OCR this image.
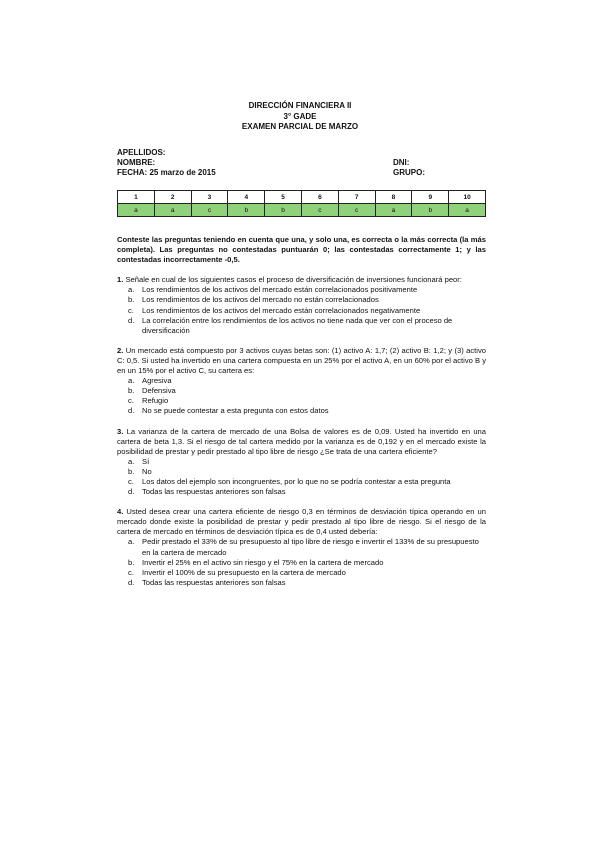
DIRECCIÓN FINANCIERA II
3° GADE
EXAMEN PARCIAL DE MARZO
APELLIDOS:
NOMBRE:	DNI:
FECHA: 25 marzo de 2015	GRUPO:
1	2	3	4	5	6	7	8	9	10
a	a	c	b	b	c	c	a	b	a

Conteste las preguntas teniendo en cuenta que una, y solo una, es correcta o la más correcta (la más completa). Las preguntas no contestadas puntuarán 0; las contestadas correctamente 1; y las contestadas incorrectamente -0,5.

1. Señale en cual de los siguientes casos el proceso de diversificación de inversiones funcionará peor:

a. Los rendimientos de los activos del mercado están correlacionados positivamente
b. Los rendimientos de los activos del mercado no están correlacionados
c. Los rendimientos de los activos del mercado están correlacionados negativamente
d. La correlación entre los rendimientos de los activos no tiene nada que ver con el proceso de diversificación

2. Un mercado está compuesto por 3 activos cuyas betas son: (1) activo A: 1,7; (2) activo B: 1,2; y (3) activo C: 0,5. Si usted ha invertido en una cartera compuesta en un 25% por el activo A, en un 60% por el activo B y en un 15% por el activo C, su cartera es:

a. Agresiva
b. Defensiva
c. Refugio
d. No se puede contestar a esta pregunta con estos datos

3. La varianza de la cartera de mercado de una Bolsa de valores es de 0,09. Usted ha invertido en una cartera de beta 1,3. Si el riesgo de tal cartera medido por la varianza es de 0,192 y en el mercado existe la posibilidad de prestar y pedir prestado al tipo libre de riesgo ¿Se trata de una cartera eficiente?

a. Sí
b. No
c. Los datos del ejemplo son incongruentes, por lo que no se podría contestar a esta pregunta
d. Todas las respuestas anteriores son falsas

4. Usted desea crear una cartera eficiente de riesgo 0,3 en términos de desviación típica operando en un mercado donde existe la posibilidad de prestar y pedir prestado al tipo libre de riesgo. Si el riesgo de la cartera de mercado en términos de desviación típica es de 0,4 usted debería:

a. Pedir prestado el 33% de su presupuesto al tipo libre de riesgo e invertir el 133% de su presupuesto en la cartera de mercado
b. Invertir el 25% en el activo sin riesgo y el 75% en la cartera de mercado
c. Invertir el 100% de su presupuesto en la cartera de mercado
d. Todas las respuestas anteriores son falsas
